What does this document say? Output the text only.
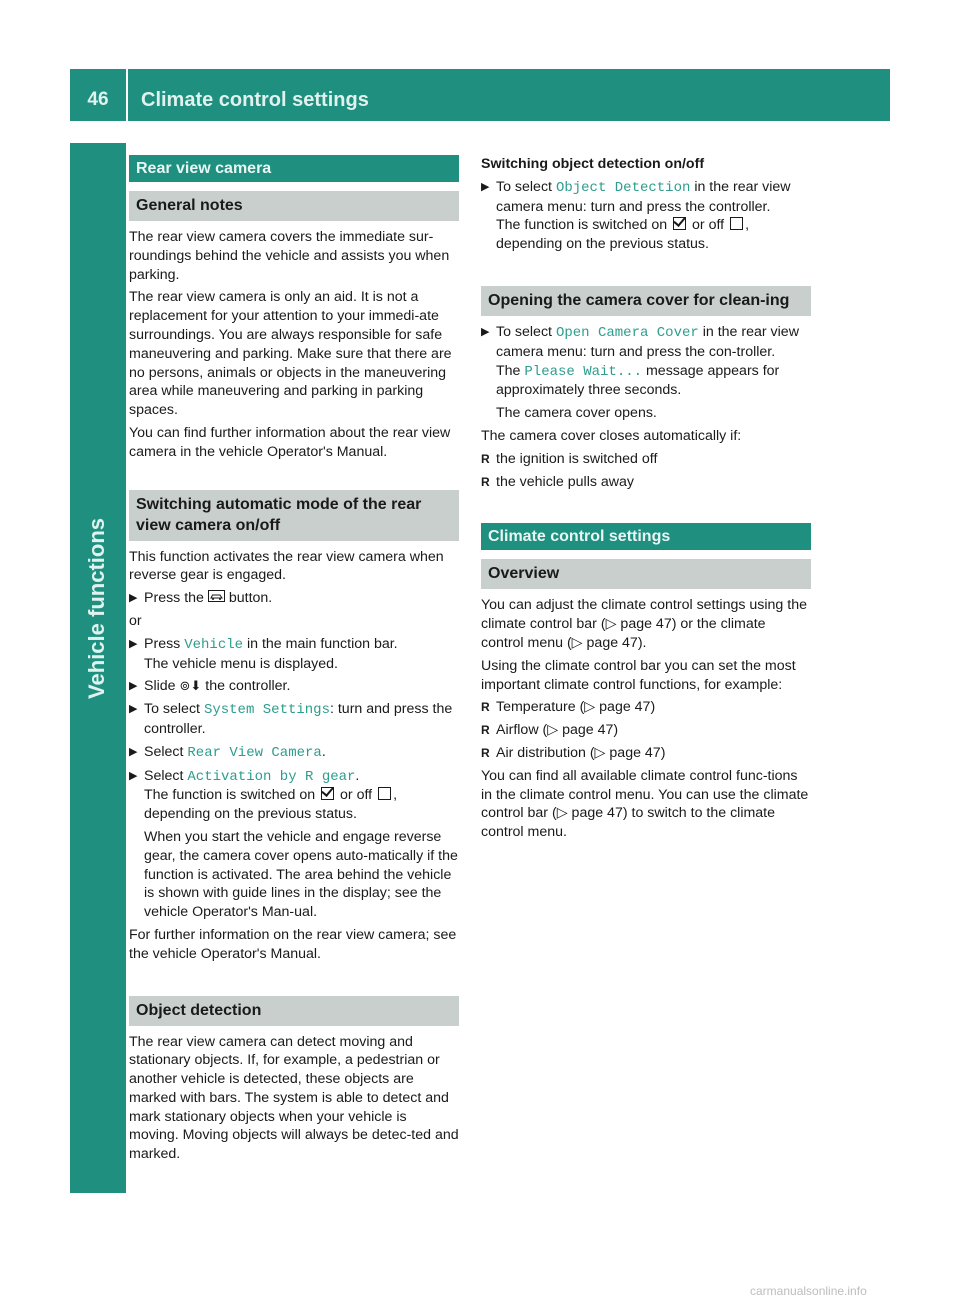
46	Climate control settings
Vehicle functions
Rear view camera
General notes

The rear view camera covers the immediate sur-roundings behind the vehicle and assists you when parking.

The rear view camera is only an aid. It is not a replacement for your attention to your immedi-ate surroundings. You are always responsible for safe maneuvering and parking. Make sure that there are no persons, animals or objects in the maneuvering area while maneuvering and parking in parking spaces.

You can find further information about the rear view camera in the vehicle Operator's Manual.

Switching automatic mode of the rear view camera on/off

This function activates the rear view camera when reverse gear is engaged.

▶ Press the button.

or

▶ Press Vehicle in the main function bar.
The vehicle menu is displayed.
▶ Slide ⊚⬇ the controller.
▶ To select System Settings: turn and press the controller.
▶ Select Rear View Camera.
▶ Select Activation by R gear.
The function is switched on or off ,
depending on the previous status.
When you start the vehicle and engage reverse gear, the camera cover opens auto-matically if the function is activated. The area behind the vehicle is shown with guide lines in the display; see the vehicle Operator's Man-ual.

For further information on the rear view camera; see the vehicle Operator's Manual.

Object detection

The rear view camera can detect moving and stationary objects. If, for example, a pedestrian or another vehicle is detected, these objects are marked with bars. The system is able to detect and mark stationary objects when your vehicle is moving. Moving objects will always be detec-ted and marked.

Switching object detection on/off

▶ To select Object Detection in the rear view camera menu: turn and press the controller.
The function is switched on or off ,
depending on the previous status.
Opening the camera cover for clean-ing
▶ To select Open Camera Cover in the rear view camera menu: turn and press the con-troller.
The Please Wait... message appears for approximately three seconds.
The camera cover opens.

The camera cover closes automatically if:

R the ignition is switched off
R the vehicle pulls away
Climate control settings
Overview

You can adjust the climate control settings using the climate control bar (▷ page 47) or the climate control menu (▷ page 47).

Using the climate control bar you can set the most important climate control functions, for example:

R Temperature (▷ page 47)
R Airflow (▷ page 47)
R Air distribution (▷ page 47)

You can find all available climate control func-tions in the climate control menu. You can use the climate control bar (▷ page 47) to switch to the climate control menu.

carmanualsonline.info
